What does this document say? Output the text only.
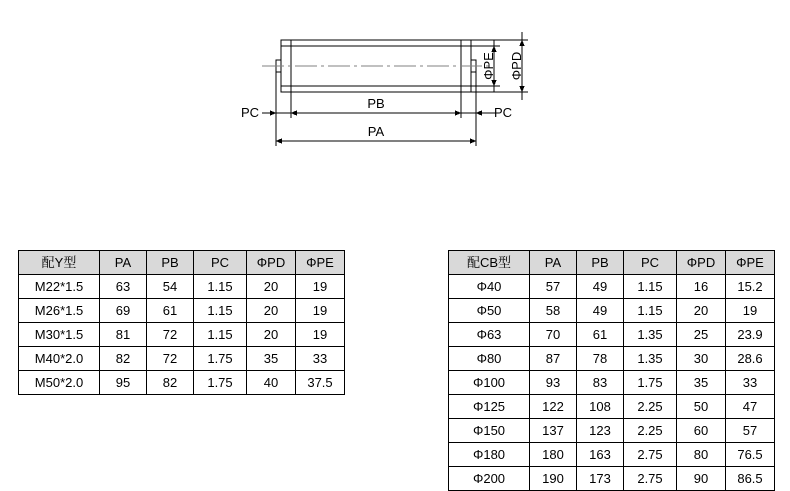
PC
PB
PC
PA
ΦPE ΦPD
配Y型	PA	PB	PC	ΦPD	ΦPE
M22*1.5	63	54	1.15	20	19
M26*1.5	69	61	1.15	20	19
M30*1.5	81	72	1.15	20	19
M40*2.0	82	72	1.75	35	33
M50*2.0	95	82	1.75	40	37.5
配CB型	PA	PB	PC	ΦPD	ΦPE
Φ40	57	49	1.15	16	15.2
Φ50	58	49	1.15	20	19
Φ63	70	61	1.35	25	23.9
Φ80	87	78	1.35	30	28.6
Φ100	93	83	1.75	35	33
Φ125	122	108	2.25	50	47
Φ150	137	123	2.25	60	57
Φ180	180	163	2.75	80	76.5
Φ200	190	173	2.75	90	86.5
